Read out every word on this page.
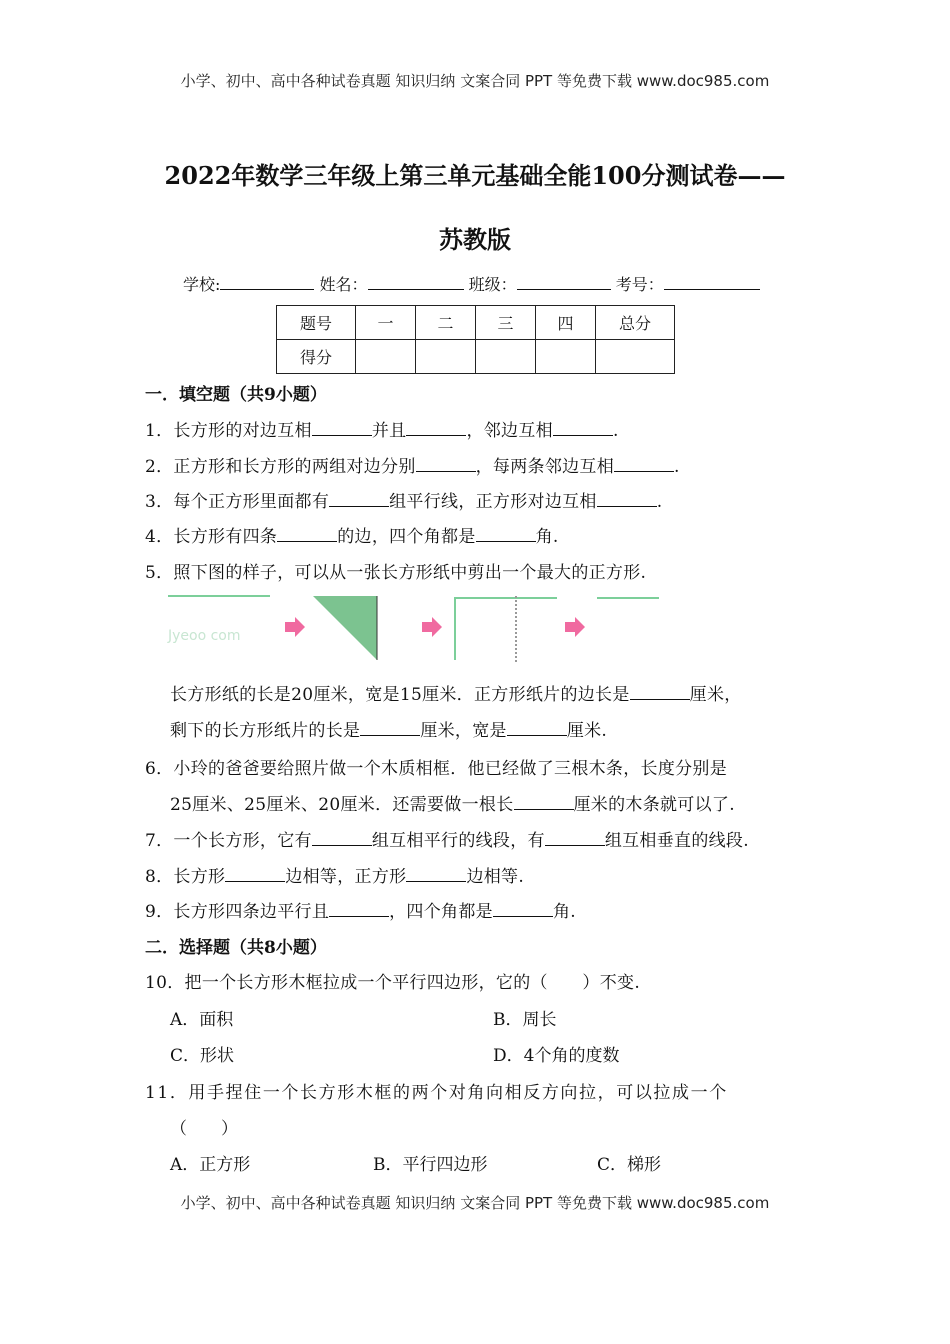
小学、初中、高中各种试卷真题 知识归纳 文案合同 PPT 等免费下载 www.doc985.com
2022年数学三年级上第三单元基础全能100分测试卷——
苏教版
学校:	姓名：	班级：	考号：
题号	一	二	三	四	总分
得分					
一．填空题（共9小题）
1．长方形的对边互相	并且	，邻边互相	.
2．正方形和长方形的两组对边分别	，每两条邻边互相	.
3．每个正方形里面都有	组平行线，正方形对边互相	.
4．长方形有四条	的边，四个角都是	角.
5．照下图的样子，可以从一张长方形纸中剪出一个最大的正方形.
Jyeoo com
长方形纸的长是20厘米，宽是15厘米．正方形纸片的边长是	厘米，
剩下的长方形纸片的长是	厘米，宽是	厘米.
6．小玲的爸爸要给照片做一个木质相框．他已经做了三根木条，长度分别是
25厘米、25厘米、20厘米．还需要做一根长	厘米的木条就可以了.
7．一个长方形，它有	组互相平行的线段，有	组互相垂直的线段.
8．长方形	边相等，正方形	边相等.
9．长方形四条边平行且	，四个角都是	角.
二．选择题（共8小题）
10．把一个长方形木框拉成一个平行四边形，它的（　　）不变.
A．面积	B．周长
C．形状	D．4个角的度数
11．用手捏住一个长方形木框的两个对角向相反方向拉，可以拉成一个
（　　）
A．正方形	B．平行四边形	C．梯形
小学、初中、高中各种试卷真题 知识归纳 文案合同 PPT 等免费下载 www.doc985.com
